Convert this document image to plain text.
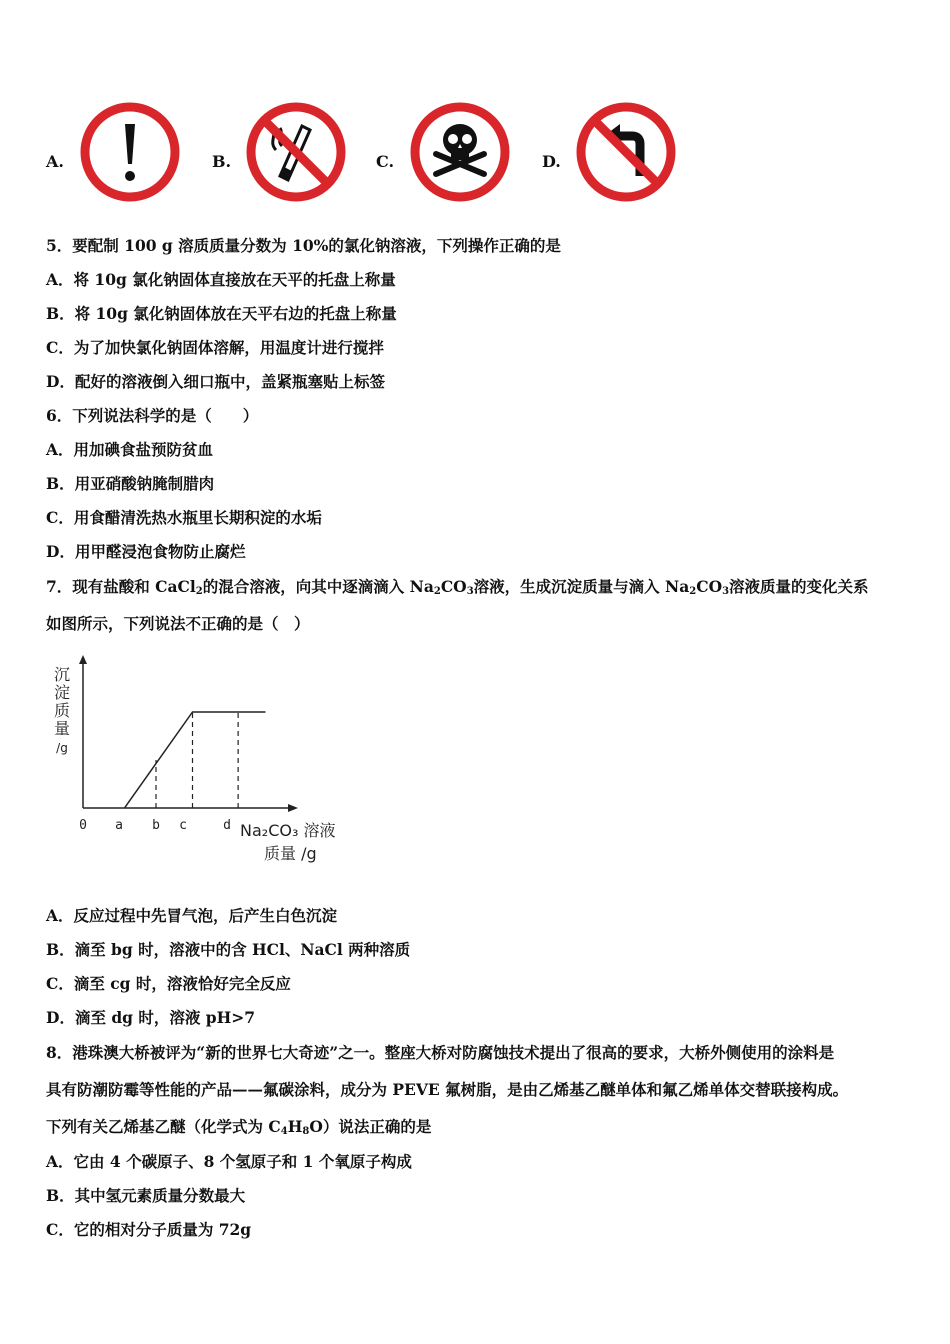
A.	B.	C.	D.
5．要配制 100 g 溶质质量分数为 10%的氯化钠溶液，下列操作正确的是
A．将 10g 氯化钠固体直接放在天平的托盘上称量
B．将 10g 氯化钠固体放在天平右边的托盘上称量
C．为了加快氯化钠固体溶解，用温度计进行搅拌
D．配好的溶液倒入细口瓶中，盖紧瓶塞贴上标签
6．下列说法科学的是（　　）
A．用加碘食盐预防贫血
B．用亚硝酸钠腌制腊肉
C．用食醋清洗热水瓶里长期积淀的水垢
D．用甲醛浸泡食物防止腐烂
7．现有盐酸和 CaCl$_2$的混合溶液，向其中逐滴滴入 $Na_2CO_3$溶液，生成沉淀质量与滴入 $Na_2CO_3$溶液质量的变化关系
如图所示，下列说法不正确的是（　）
0 a b c	d
沉
淀
质
量
/g
Na₂CO₃ 溶液
质量 /g
A．反应过程中先冒气泡，后产生白色沉淀
B．滴至 bg 时，溶液中的含 HCl、NaCl 两种溶质
C．滴至 cg 时，溶液恰好完全反应
D．滴至 dg 时，溶液 pH>7
8．港珠澳大桥被评为“新的世界七大奇迹”之一。整座大桥对防腐蚀技术提出了很高的要求，大桥外侧使用的涂料是
具有防潮防霉等性能的产品——氟碳涂料，成分为 PEVE 氟树脂，是由乙烯基乙醚单体和氟乙烯单体交替联接构成。
下列有关乙烯基乙醚（化学式为 $C_4H_8O$）说法正确的是
A．它由 4 个碳原子、8 个氢原子和 1 个氧原子构成
B．其中氢元素质量分数最大
C．它的相对分子质量为 72g
